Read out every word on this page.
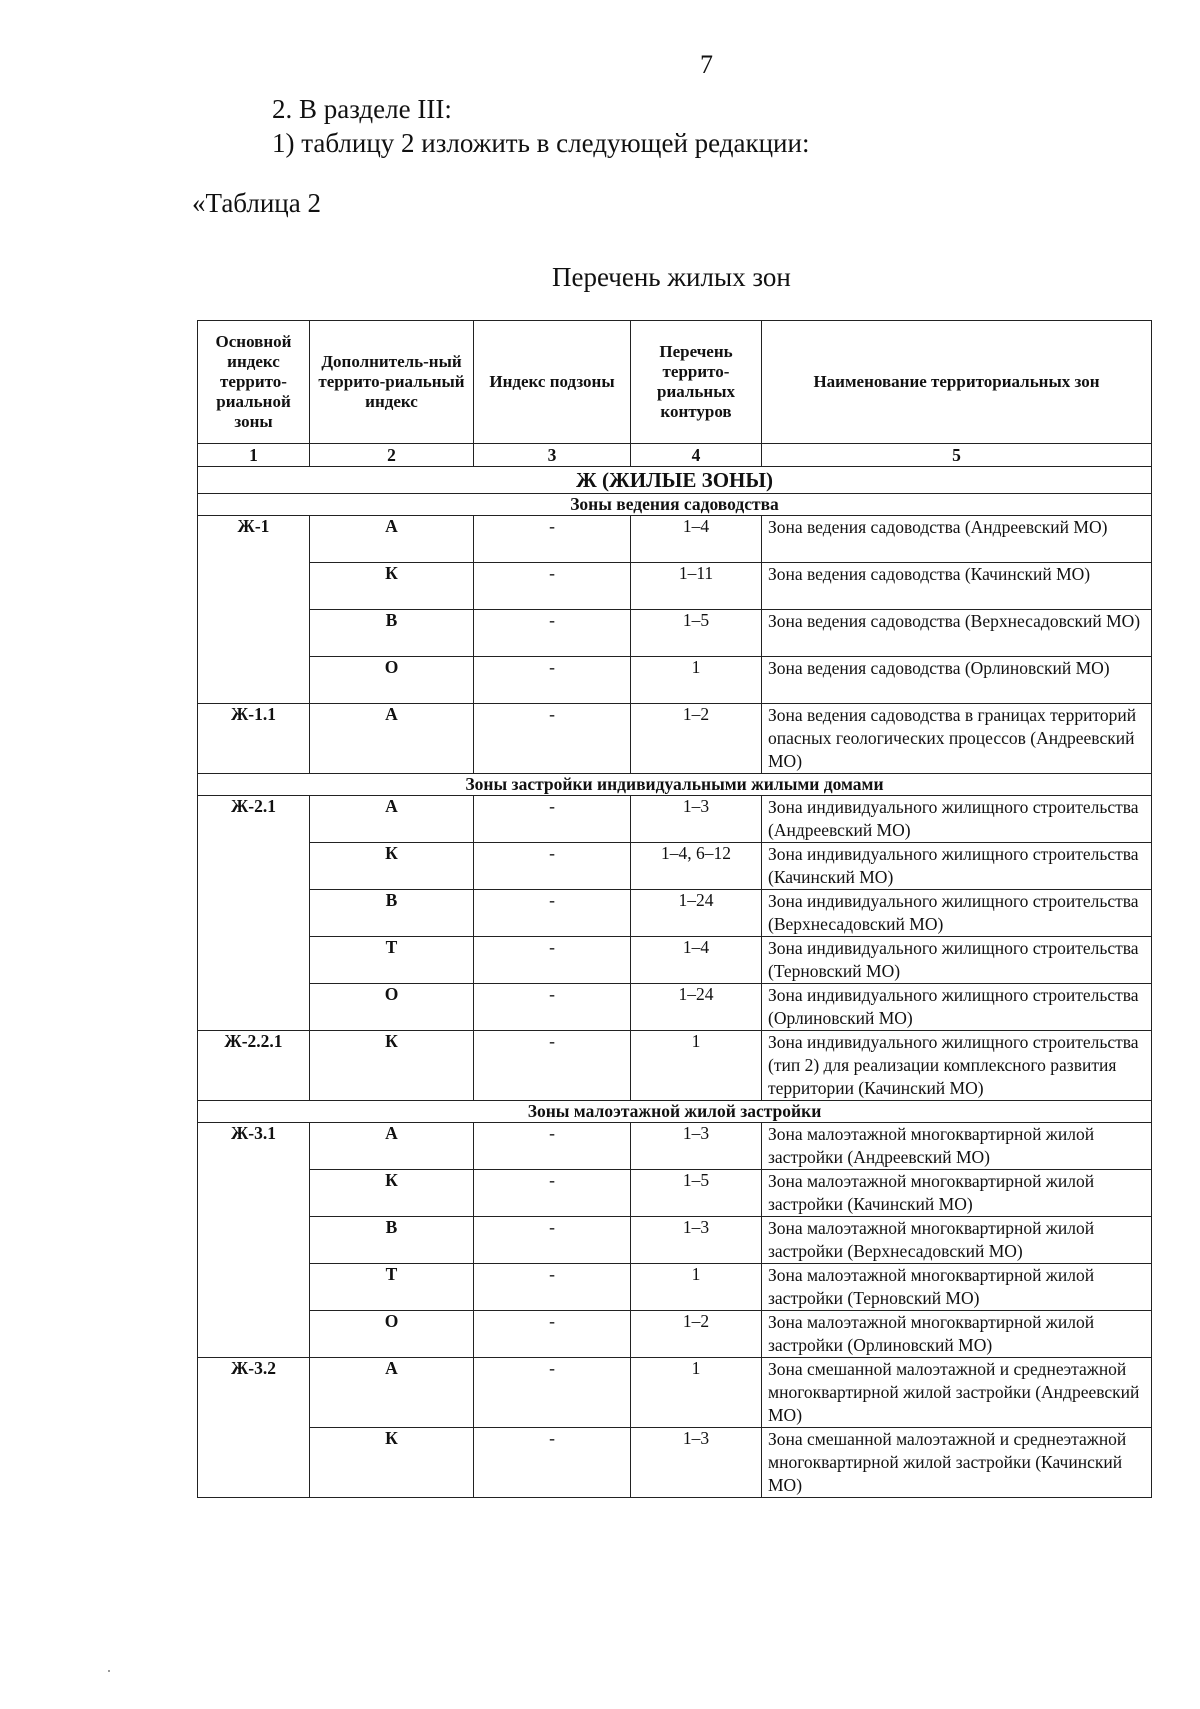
7
2. В разделе III:
1) таблицу 2 изложить в следующей редакции:
«Таблица 2
Перечень жилых зон
Основной индекс террито-риальной зоны	Дополнитель-ный террито-риальный индекс	Индекс подзоны	Перечень террито-риальных контуров	Наименование территориальных зон
1	2	3	4	5
Ж (ЖИЛЫЕ ЗОНЫ)				
Зоны ведения садоводства				
Ж-1	А	-	1–4	Зона ведения садоводства (Андреевский МО)
	К	-	1–11	Зона ведения садоводства (Качинский МО)
	В	-	1–5	Зона ведения садоводства (Верхнесадовский МО)
	О	-	1	Зона ведения садоводства (Орлиновский МО)
Ж-1.1	А	-	1–2	Зона ведения садоводства в границах территорий опасных геологических процессов (Андреевский МО)
Зоны застройки индивидуальными жилыми домами				
Ж-2.1	А	-	1–3	Зона индивидуального жилищного строительства (Андреевский МО)
	К	-	1–4, 6–12	Зона индивидуального жилищного строительства (Качинский МО)
	В	-	1–24	Зона индивидуального жилищного строительства (Верхнесадовский МО)
	Т	-	1–4	Зона индивидуального жилищного строительства (Терновский МО)
	О	-	1–24	Зона индивидуального жилищного строительства (Орлиновский МО)
Ж-2.2.1	К	-	1	Зона индивидуального жилищного строительства (тип 2) для реализации комплексного развития территории (Качинский МО)
Зоны малоэтажной жилой застройки				
Ж-3.1	А	-	1–3	Зона малоэтажной многоквартирной жилой застройки (Андреевский МО)
	К	-	1–5	Зона малоэтажной многоквартирной жилой застройки (Качинский МО)
	В	-	1–3	Зона малоэтажной многоквартирной жилой застройки (Верхнесадовский МО)
	Т	-	1	Зона малоэтажной многоквартирной жилой застройки (Терновский МО)
	О	-	1–2	Зона малоэтажной многоквартирной жилой застройки (Орлиновский МО)
Ж-3.2	А	-	1	Зона смешанной малоэтажной и среднеэтажной многоквартирной жилой застройки (Андреевский МО)
	К	-	1–3	Зона смешанной малоэтажной и среднеэтажной многоквартирной жилой застройки (Качинский МО)
